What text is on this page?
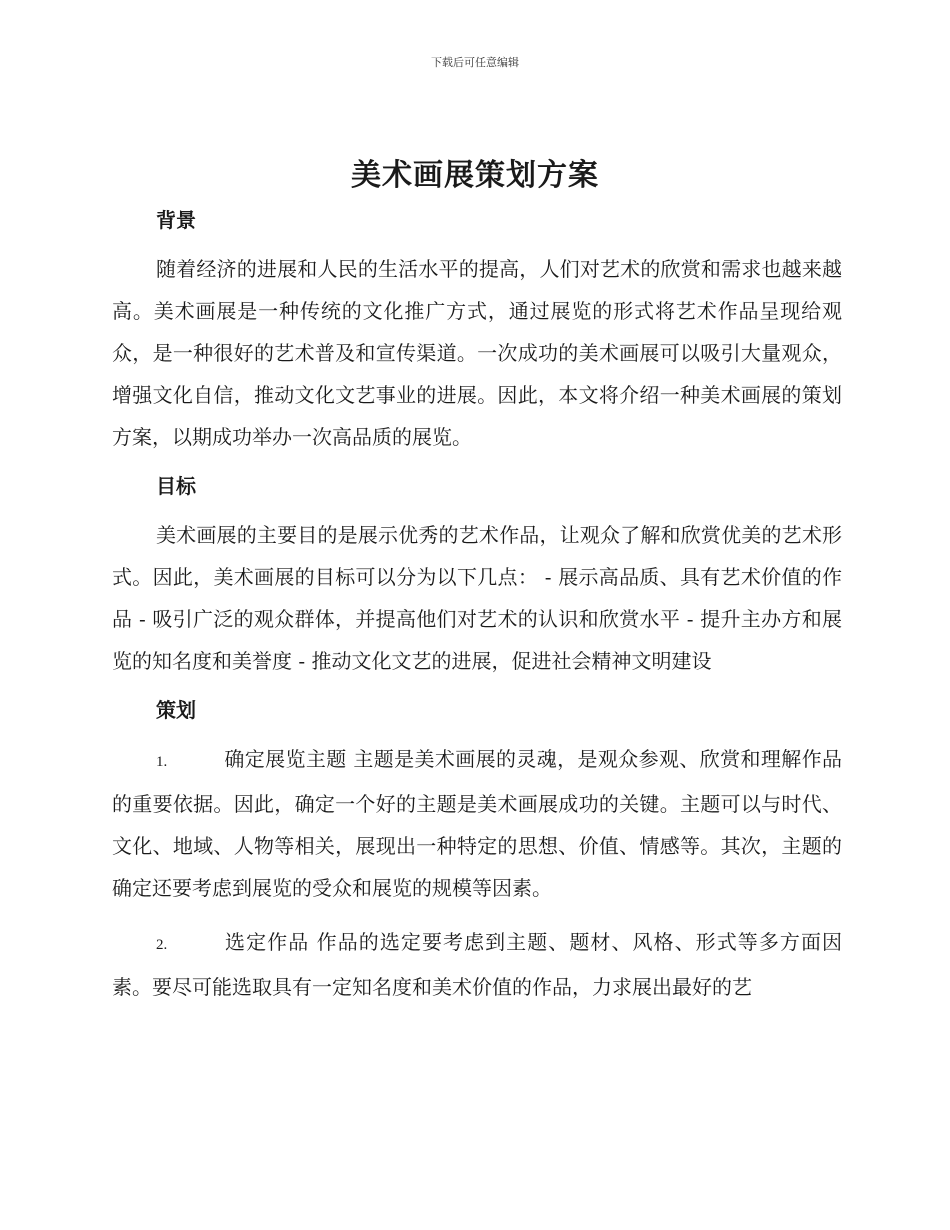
下载后可任意编辑
美术画展策划方案
背景

随着经济的进展和人民的生活水平的提高，人们对艺术的欣赏和需求也越来越高。美术画展是一种传统的文化推广方式，通过展览的形式将艺术作品呈现给观众，是一种很好的艺术普及和宣传渠道。一次成功的美术画展可以吸引大量观众，增强文化自信，推动文化文艺事业的进展。因此，本文将介绍一种美术画展的策划方案，以期成功举办一次高品质的展览。

目标

美术画展的主要目的是展示优秀的艺术作品，让观众了解和欣赏优美的艺术形式。因此，美术画展的目标可以分为以下几点： - 展示高品质、具有艺术价值的作品 - 吸引广泛的观众群体，并提高他们对艺术的认识和欣赏水平 - 提升主办方和展览的知名度和美誉度 - 推动文化文艺的进展，促进社会精神文明建设

策划

1.	确定展览主题 主题是美术画展的灵魂，是观众参观、欣赏和理解作品的重要依据。因此，确定一个好的主题是美术画展成功的关键。主题可以与时代、文化、地域、人物等相关，展现出一种特定的思想、价值、情感等。其次，主题的确定还要考虑到展览的受众和展览的规模等因素。

2.	选定作品 作品的选定要考虑到主题、题材、风格、形式等多方面因素。要尽可能选取具有一定知名度和美术价值的作品，力求展出最好的艺
